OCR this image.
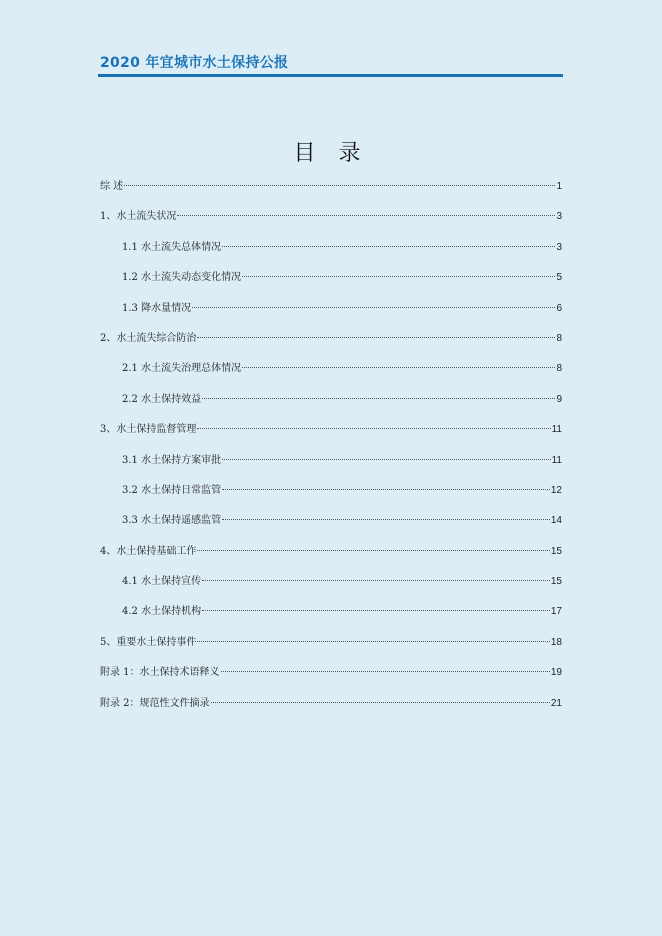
2020 年宜城市水土保持公报
目 录
综 述	1
1、水土流失状况	3
1.1 水土流失总体情况	3
1.2 水土流失动态变化情况	5
1.3 降水量情况	6
2、水土流失综合防治	8
2.1 水土流失治理总体情况	8
2.2 水土保持效益	9
3、水土保持监督管理	11
3.1 水土保持方案审批	11
3.2 水土保持日常监管	12
3.3 水土保持遥感监管	14
4、水土保持基础工作	15
4.1 水土保持宣传	15
4.2 水土保持机构	17
5、重要水土保持事件	18
附录 1：水土保持术语释义	19
附录 2：规范性文件摘录	21
